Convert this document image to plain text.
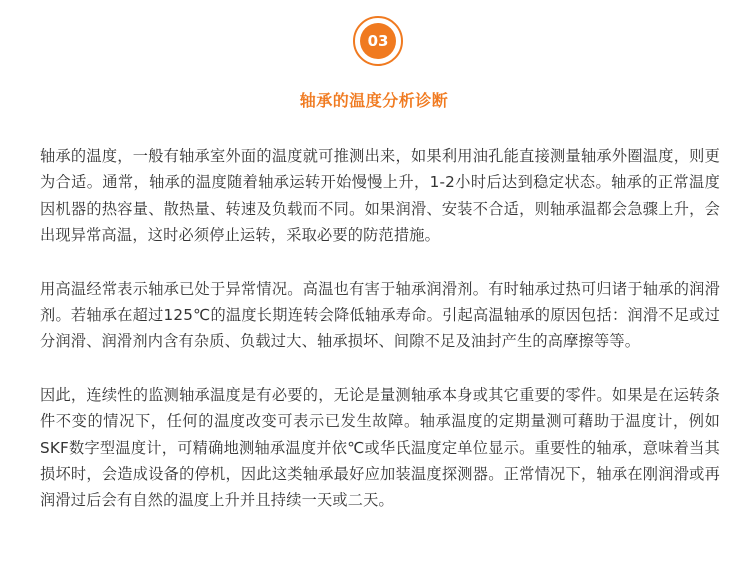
03
轴承的温度分析诊断

轴承的温度，一般有轴承室外面的温度就可推测出来，如果利用油孔能直接测量轴承外圈温度，则更为合适。通常，轴承的温度随着轴承运转开始慢慢上升，1-2小时后达到稳定状态。轴承的正常温度因机器的热容量、散热量、转速及负载而不同。如果润滑、安装不合适，则轴承温都会急骤上升，会出现异常高温，这时必须停止运转，采取必要的防范措施。

用高温经常表示轴承已处于异常情况。高温也有害于轴承润滑剂。有时轴承过热可归诸于轴承的润滑剂。若轴承在超过125℃的温度长期连转会降低轴承寿命。引起高温轴承的原因包括：润滑不足或过分润滑、润滑剂内含有杂质、负载过大、轴承损坏、间隙不足及油封产生的高摩擦等等。

因此，连续性的监测轴承温度是有必要的，无论是量测轴承本身或其它重要的零件。如果是在运转条件不变的情况下，任何的温度改变可表示已发生故障。轴承温度的定期量测可藉助于温度计，例如SKF数字型温度计，可精确地测轴承温度并依℃或华氏温度定单位显示。重要性的轴承，意味着当其损坏时，会造成设备的停机，因此这类轴承最好应加装温度探测器。正常情况下，轴承在刚润滑或再润滑过后会有自然的温度上升并且持续一天或二天。
